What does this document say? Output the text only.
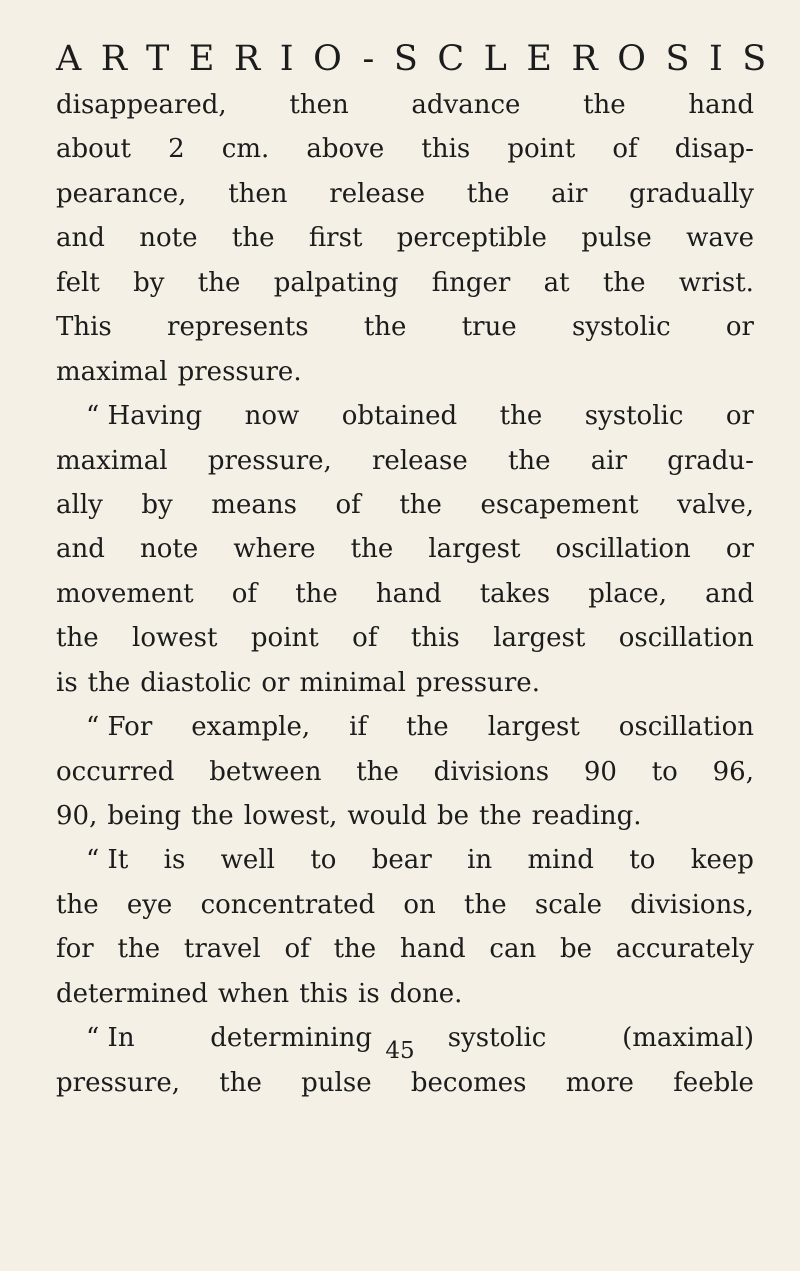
ARTERIO-SCLEROSIS
disappeared, then advance the hand
about 2 cm. above this point of disap-
pearance, then release the air gradually
and note the first perceptible pulse wave
felt by the palpating finger at the wrist.
This represents the true systolic or
maximal pressure.
“ Having now obtained the systolic or
maximal pressure, release the air gradu-
ally by means of the escapement valve,
and note where the largest oscillation or
movement of the hand takes place, and
the lowest point of this largest oscillation
is the diastolic or minimal pressure.
“ For example, if the largest oscillation
occurred between the divisions 90 to 96,
90, being the lowest, would be the reading.
“ It is well to bear in mind to keep
the eye concentrated on the scale divisions,
for the travel of the hand can be accurately
determined when this is done.
“ In	determining	systolic	(maximal)
pressure, the pulse becomes more feeble
45
